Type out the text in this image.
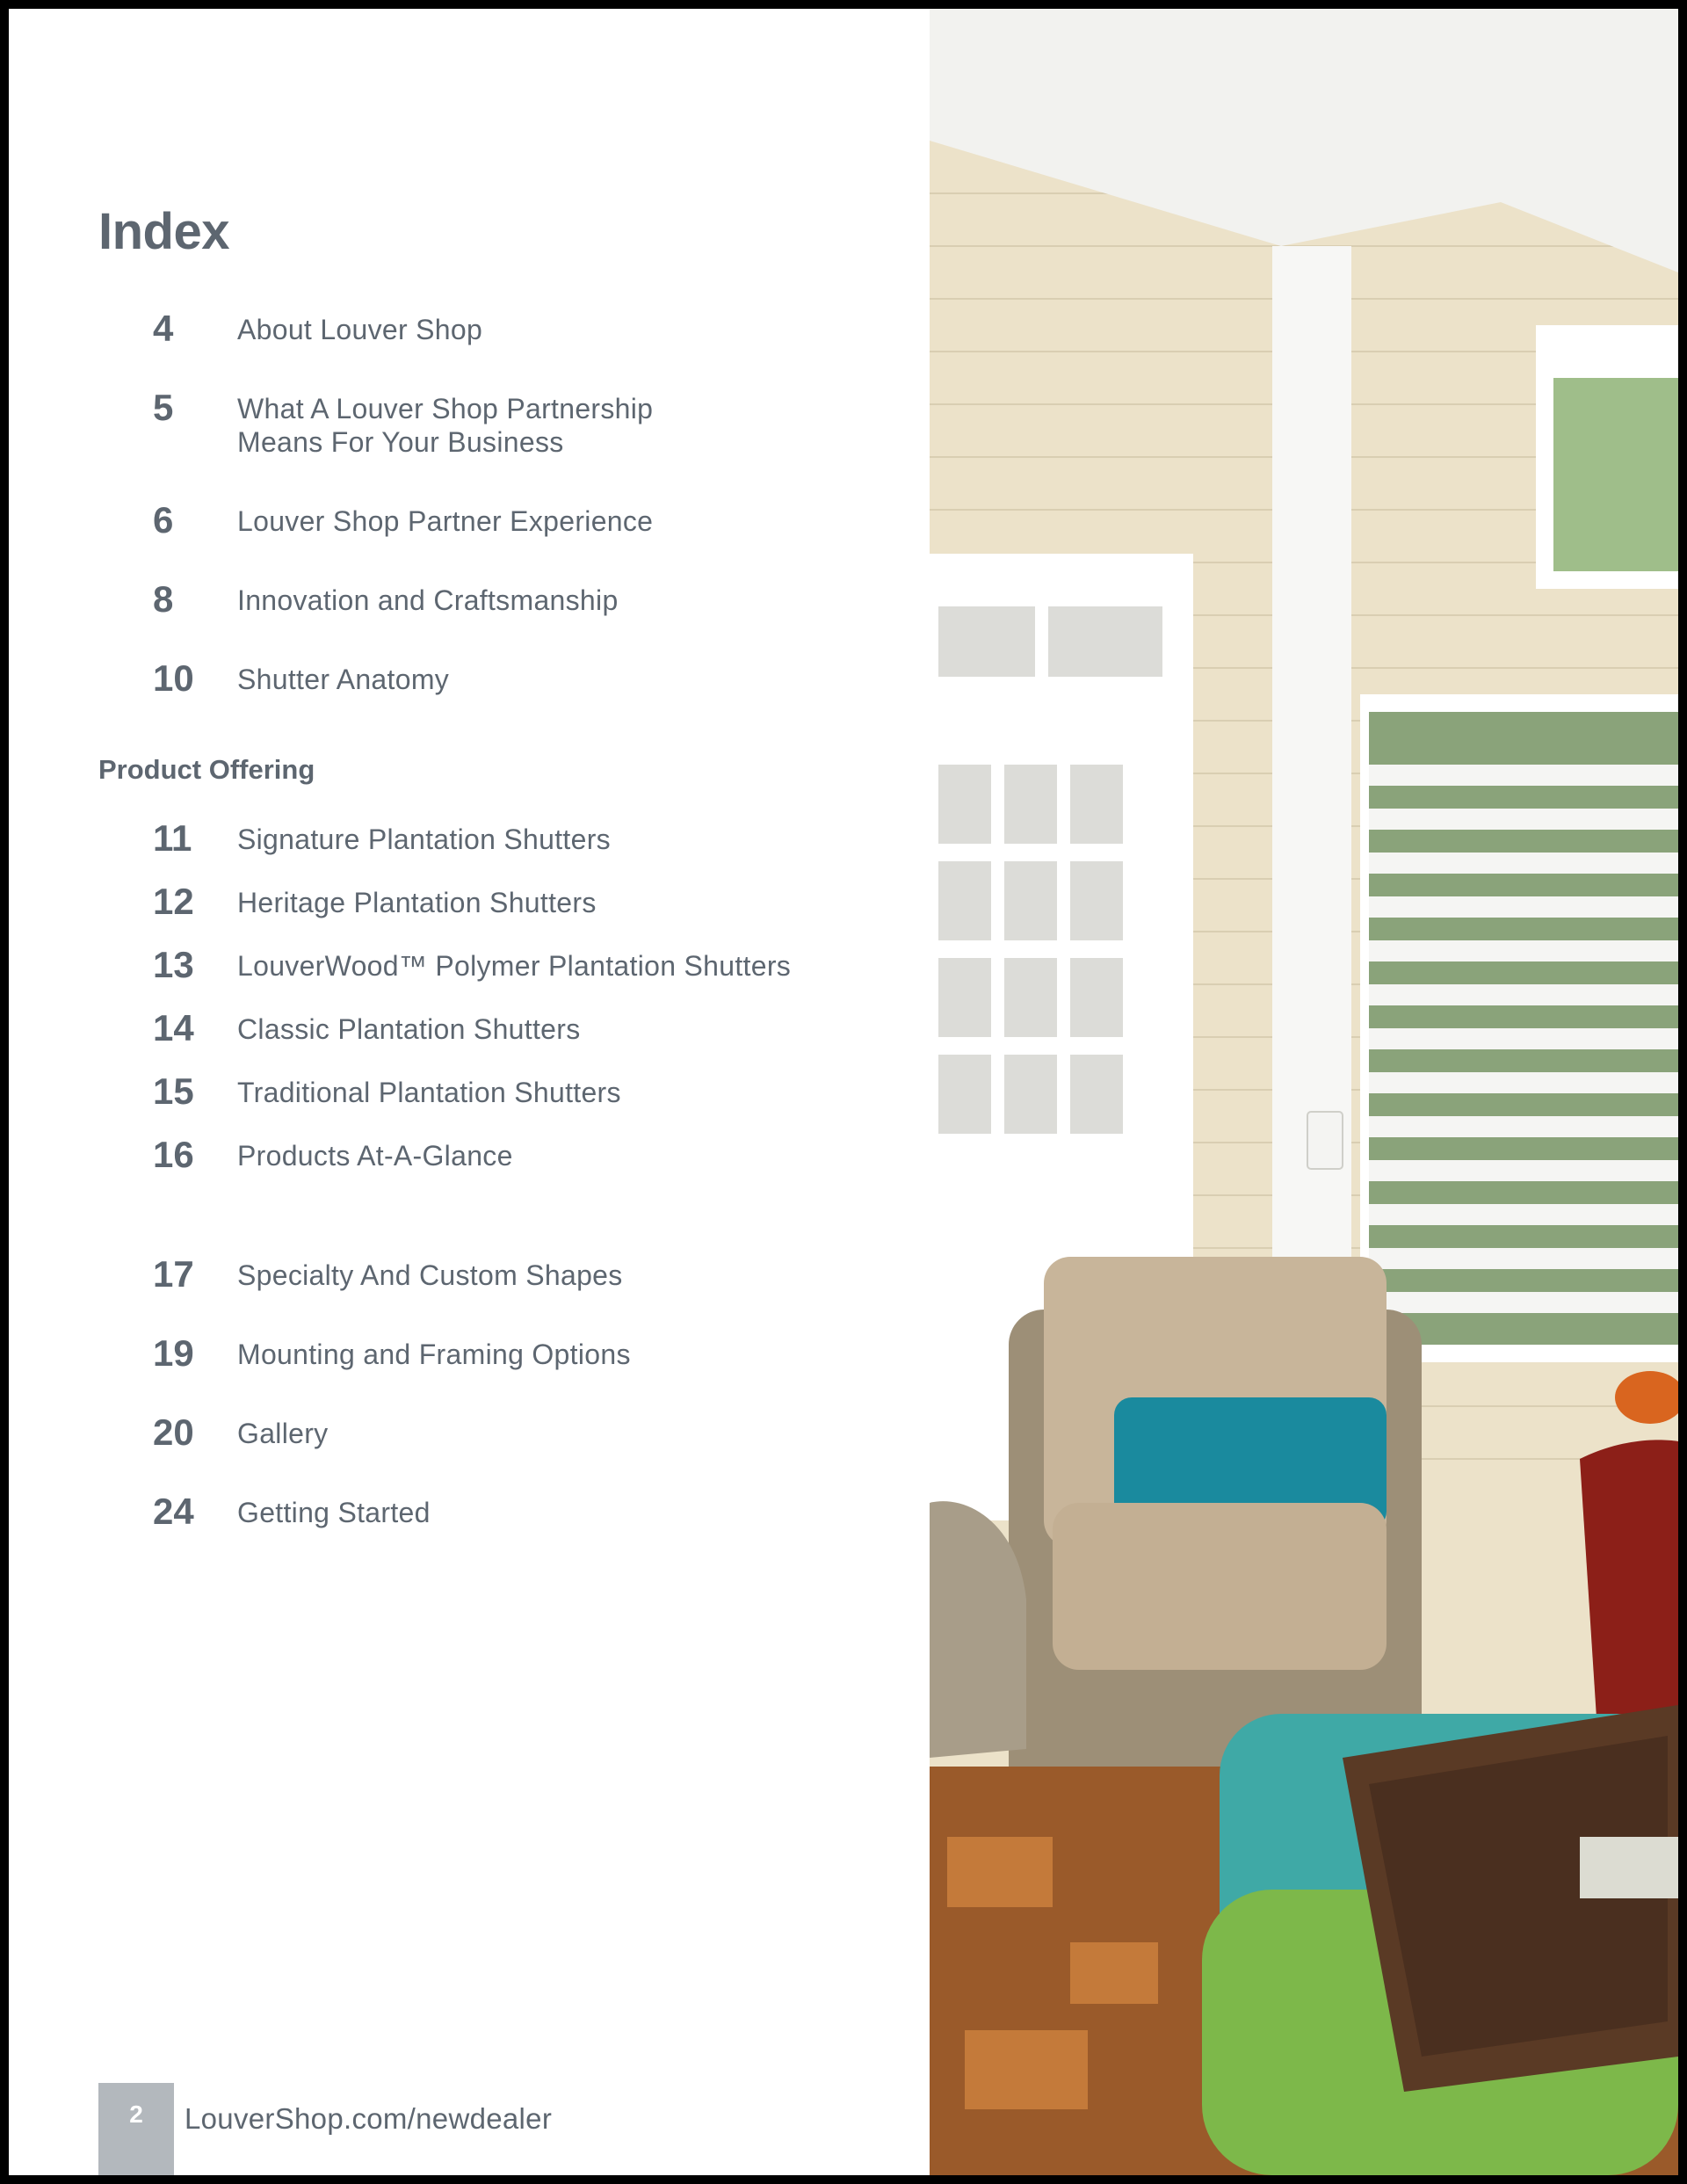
Index
4 About Louver Shop
5 What A Louver Shop Partnership
Means For Your Business
6 Louver Shop Partner Experience
8 Innovation and Craftsmanship
10 Shutter Anatomy
Product Offering
11 Signature Plantation Shutters
12 Heritage Plantation Shutters
13 LouverWood™ Polymer Plantation Shutters
14 Classic Plantation Shutters
15 Traditional Plantation Shutters
16 Products At-A-Glance
17 Specialty And Custom Shapes
19 Mounting and Framing Options
20 Gallery
24 Getting Started
2	LouverShop.com/newdealer
